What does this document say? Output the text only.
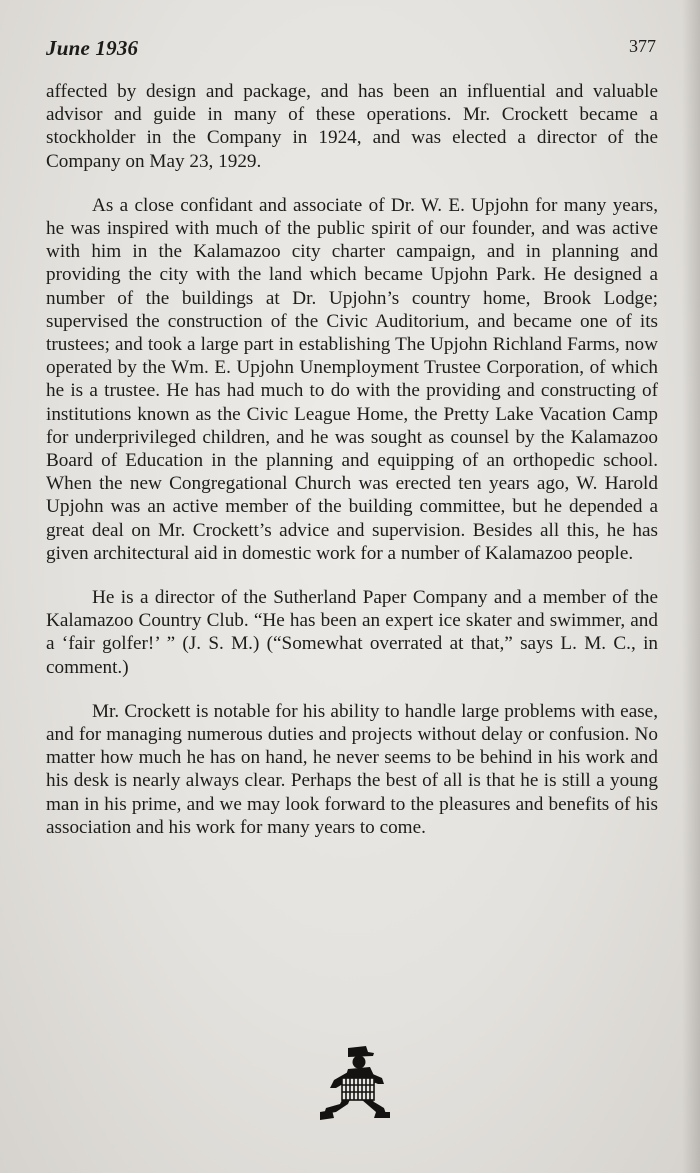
June 1936	377

affected by design and package, and has been an influential and valuable advisor and guide in many of these operations. Mr. Crockett became a stockholder in the Company in 1924, and was elected a director of the Company on May 23, 1929.

As a close confidant and associate of Dr. W. E. Upjohn for many years, he was inspired with much of the public spirit of our founder, and was active with him in the Kalamazoo city charter campaign, and in planning and providing the city with the land which became Upjohn Park. He designed a number of the buildings at Dr. Upjohn’s country home, Brook Lodge; supervised the construction of the Civic Auditorium, and became one of its trustees; and took a large part in establishing The Upjohn Richland Farms, now operated by the Wm. E. Upjohn Unemployment Trustee Corporation, of which he is a trustee. He has had much to do with the providing and constructing of institutions known as the Civic League Home, the Pretty Lake Vacation Camp for underprivileged children, and he was sought as counsel by the Kalamazoo Board of Education in the planning and equipping of an orthopedic school. When the new Congregational Church was erected ten years ago, W. Harold Upjohn was an active member of the building committee, but he depended a great deal on Mr. Crockett’s advice and supervision. Besides all this, he has given architectural aid in domestic work for a number of Kalamazoo people.

He is a director of the Sutherland Paper Company and a member of the Kalamazoo Country Club. “He has been an expert ice skater and swimmer, and a ‘fair golfer!’ ” (J. S. M.) (“Somewhat overrated at that,” says L. M. C., in comment.)

Mr. Crockett is notable for his ability to handle large problems with ease, and for managing numerous duties and projects without delay or confusion. No matter how much he has on hand, he never seems to be behind in his work and his desk is nearly always clear. Perhaps the best of all is that he is still a young man in his prime, and we may look forward to the pleasures and benefits of his association and his work for many years to come.
